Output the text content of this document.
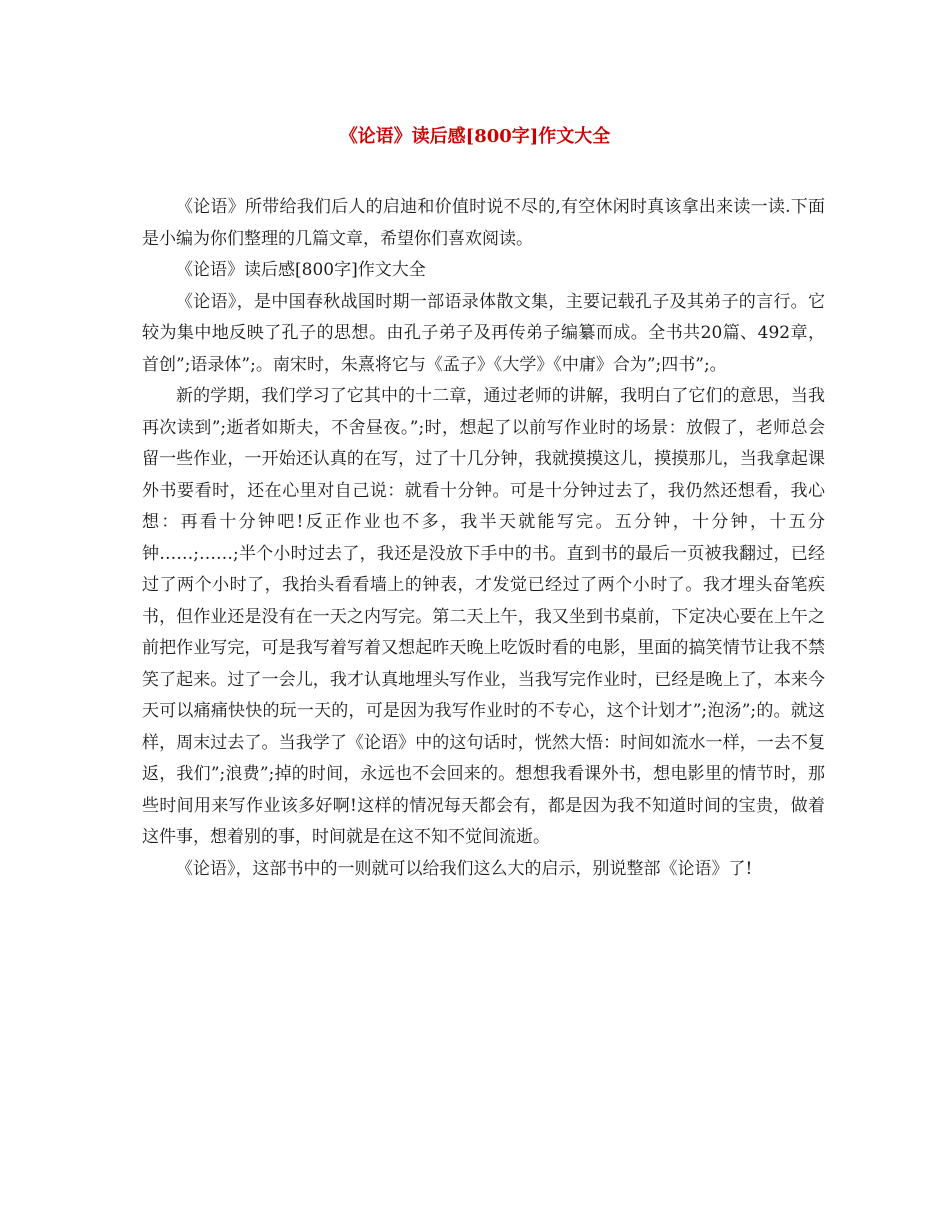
《论语》读后感[800字]作文大全

《论语》所带给我们后人的启迪和价值时说不尽的,有空休闲时真该拿出来读一读.下面是小编为你们整理的几篇文章，希望你们喜欢阅读。

《论语》读后感[800字]作文大全

《论语》，是中国春秋战国时期一部语录体散文集，主要记载孔子及其弟子的言行。它较为集中地反映了孔子的思想。由孔子弟子及再传弟子编纂而成。全书共20篇、492章，首创”;语录体”;。南宋时，朱熹将它与《孟子》《大学》《中庸》合为”;四书”;。

新的学期，我们学习了它其中的十二章，通过老师的讲解，我明白了它们的意思，当我再次读到”;逝者如斯夫，不舍昼夜。”;时，想起了以前写作业时的场景：放假了，老师总会留一些作业，一开始还认真的在写，过了十几分钟，我就摸摸这儿，摸摸那儿，当我拿起课外书要看时，还在心里对自己说：就看十分钟。可是十分钟过去了，我仍然还想看，我心想：再看十分钟吧!反正作业也不多，我半天就能写完。五分钟，十分钟，十五分钟……;……;半个小时过去了，我还是没放下手中的书。直到书的最后一页被我翻过，已经过了两个小时了，我抬头看看墙上的钟表，才发觉已经过了两个小时了。我才埋头奋笔疾书，但作业还是没有在一天之内写完。第二天上午，我又坐到书桌前，下定决心要在上午之前把作业写完，可是我写着写着又想起昨天晚上吃饭时看的电影，里面的搞笑情节让我不禁笑了起来。过了一会儿，我才认真地埋头写作业，当我写完作业时，已经是晚上了，本来今天可以痛痛快快的玩一天的，可是因为我写作业时的不专心，这个计划才”;泡汤”;的。就这样，周末过去了。当我学了《论语》中的这句话时，恍然大悟：时间如流水一样，一去不复返，我们”;浪费”;掉的时间，永远也不会回来的。想想我看课外书，想电影里的情节时，那些时间用来写作业该多好啊!这样的情况每天都会有，都是因为我不知道时间的宝贵，做着这件事，想着别的事，时间就是在这不知不觉间流逝。

《论语》，这部书中的一则就可以给我们这么大的启示，别说整部《论语》了!
